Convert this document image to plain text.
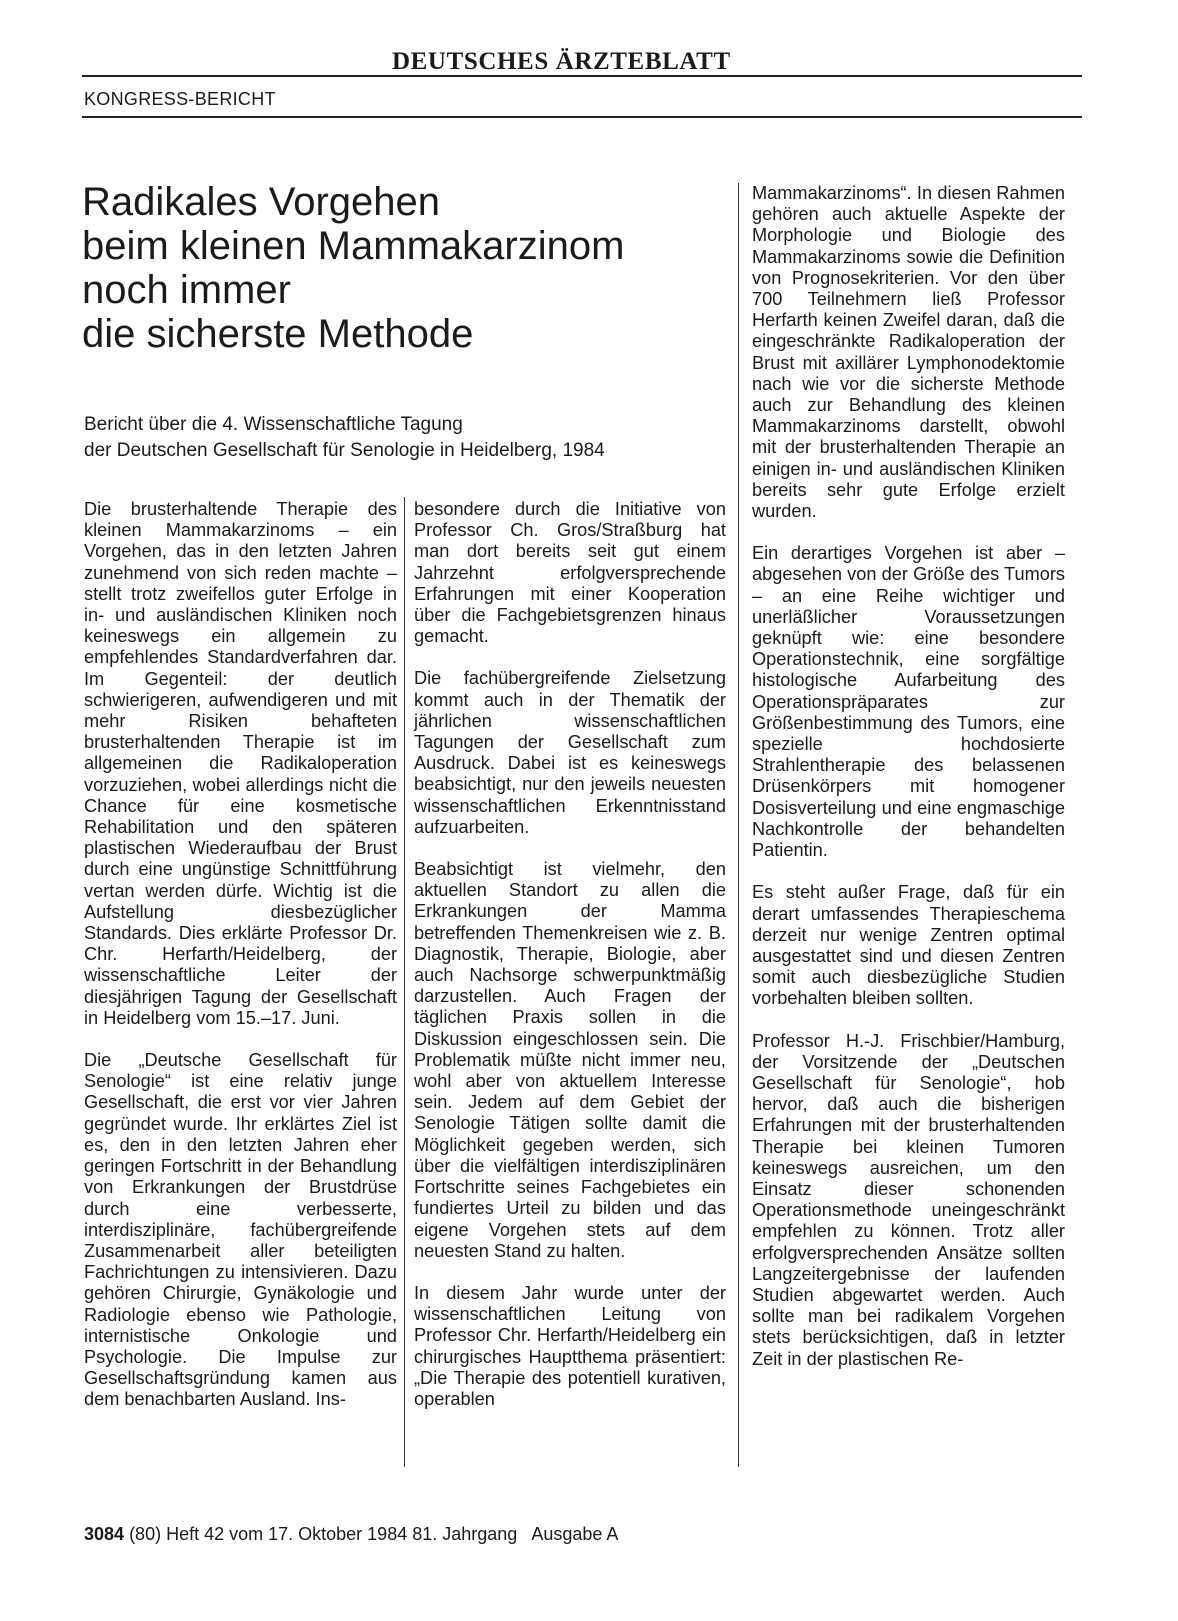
DEUTSCHES ÄRZTEBLATT
KONGRESS-BERICHT
Radikales Vorgehen
beim kleinen Mammakarzinom
noch immer
die sicherste Methode
Bericht über die 4. Wissenschaftliche Tagung
der Deutschen Gesellschaft für Senologie in Heidelberg, 1984

Die brusterhaltende Therapie des kleinen Mammakarzinoms – ein Vorgehen, das in den letzten Jahren zunehmend von sich reden machte – stellt trotz zweifellos guter Erfolge in in- und ausländischen Kliniken noch keineswegs ein allgemein zu empfehlendes Standardverfahren dar. Im Gegenteil: der deutlich schwierigeren, aufwendigeren und mit mehr Risiken behafteten brusterhaltenden Therapie ist im allgemeinen die Radikaloperation vorzuziehen, wobei allerdings nicht die Chance für eine kosmetische Rehabilitation und den späteren plastischen Wiederaufbau der Brust durch eine ungünstige Schnittführung vertan werden dürfe. Wichtig ist die Aufstellung diesbezüglicher Standards. Dies erklärte Professor Dr. Chr. Herfarth/Heidelberg, der wissenschaftliche Leiter der diesjährigen Tagung der Gesellschaft in Heidelberg vom 15.–17. Juni.

Die „Deutsche Gesellschaft für Senologie“ ist eine relativ junge Gesellschaft, die erst vor vier Jahren gegründet wurde. Ihr erklärtes Ziel ist es, den in den letzten Jahren eher geringen Fortschritt in der Behandlung von Erkrankungen der Brustdrüse durch eine verbesserte, interdisziplinäre, fachübergreifende Zusammenarbeit aller beteiligten Fachrichtungen zu intensivieren. Dazu gehören Chirurgie, Gynäkologie und Radiologie ebenso wie Pathologie, internistische Onkologie und Psychologie. Die Impulse zur Gesellschaftsgründung kamen aus dem benachbarten Ausland. Ins-

besondere durch die Initiative von Professor Ch. Gros/Straßburg hat man dort bereits seit gut einem Jahrzehnt erfolgversprechende Erfahrungen mit einer Kooperation über die Fachgebietsgrenzen hinaus gemacht.

Die fachübergreifende Zielsetzung kommt auch in der Thematik der jährlichen wissenschaftlichen Tagungen der Gesellschaft zum Ausdruck. Dabei ist es keineswegs beabsichtigt, nur den jeweils neuesten wissenschaftlichen Erkenntnisstand aufzuarbeiten.

Beabsichtigt ist vielmehr, den aktuellen Standort zu allen die Erkrankungen der Mamma betreffenden Themenkreisen wie z. B. Diagnostik, Therapie, Biologie, aber auch Nachsorge schwerpunktmäßig darzustellen. Auch Fragen der täglichen Praxis sollen in die Diskussion eingeschlossen sein. Die Problematik müßte nicht immer neu, wohl aber von aktuellem Interesse sein. Jedem auf dem Gebiet der Senologie Tätigen sollte damit die Möglichkeit gegeben werden, sich über die vielfältigen interdisziplinären Fortschritte seines Fachgebietes ein fundiertes Urteil zu bilden und das eigene Vorgehen stets auf dem neuesten Stand zu halten.

In diesem Jahr wurde unter der wissenschaftlichen Leitung von Professor Chr. Herfarth/Heidelberg ein chirurgisches Hauptthema präsentiert: „Die Therapie des potentiell kurativen, operablen

Mammakarzinoms“. In diesen Rahmen gehören auch aktuelle Aspekte der Morphologie und Biologie des Mammakarzinoms sowie die Definition von Prognosekriterien. Vor den über 700 Teilnehmern ließ Professor Herfarth keinen Zweifel daran, daß die eingeschränkte Radikaloperation der Brust mit axillärer Lymphonodektomie nach wie vor die sicherste Methode auch zur Behandlung des kleinen Mammakarzinoms darstellt, obwohl mit der brusterhaltenden Therapie an einigen in- und ausländischen Kliniken bereits sehr gute Erfolge erzielt wurden.

Ein derartiges Vorgehen ist aber – abgesehen von der Größe des Tumors – an eine Reihe wichtiger und unerläßlicher Voraussetzungen geknüpft wie: eine besondere Operationstechnik, eine sorgfältige histologische Aufarbeitung des Operationspräparates zur Größenbestimmung des Tumors, eine spezielle hochdosierte Strahlentherapie des belassenen Drüsenkörpers mit homogener Dosisverteilung und eine engmaschige Nachkontrolle der behandelten Patientin.

Es steht außer Frage, daß für ein derart umfassendes Therapieschema derzeit nur wenige Zentren optimal ausgestattet sind und diesen Zentren somit auch diesbezügliche Studien vorbehalten bleiben sollten.

Professor H.-J. Frischbier/Hamburg, der Vorsitzende der „Deutschen Gesellschaft für Senologie“, hob hervor, daß auch die bisherigen Erfahrungen mit der brusterhaltenden Therapie bei kleinen Tumoren keineswegs ausreichen, um den Einsatz dieser schonenden Operationsmethode uneingeschränkt empfehlen zu können. Trotz aller erfolgversprechenden Ansätze sollten Langzeitergebnisse der laufenden Studien abgewartet werden. Auch sollte man bei radikalem Vorgehen stets berücksichtigen, daß in letzter Zeit in der plastischen Re-

3084 (80) Heft 42 vom 17. Oktober 1984 81. Jahrgang Ausgabe A
